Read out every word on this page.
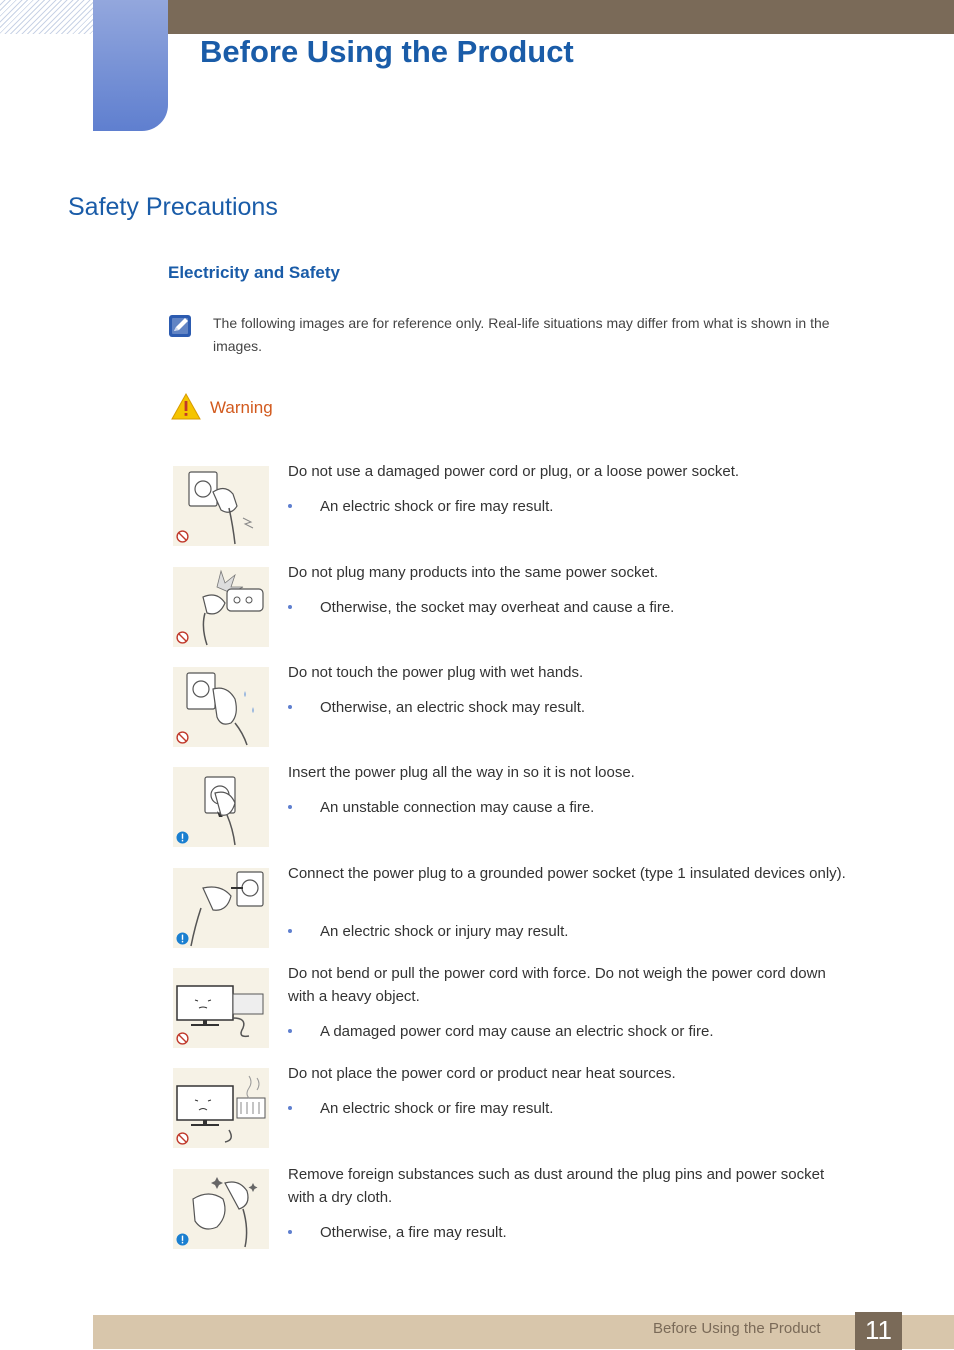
Before Using the Product
Safety Precautions
Electricity and Safety

The following images are for reference only. Real-life situations may differ from what is shown in the images.

Warning

Do not use a damaged power cord or plug, or a loose power socket.

An electric shock or fire may result.

Do not plug many products into the same power socket.

Otherwise, the socket may overheat and cause a fire.

Do not touch the power plug with wet hands.

Otherwise, an electric shock may result.

Insert the power plug all the way in so it is not loose.

An unstable connection may cause a fire.

Connect the power plug to a grounded power socket (type 1 insulated devices only).

An electric shock or injury may result.

Do not bend or pull the power cord with force. Do not weigh the power cord down with a heavy object.

A damaged power cord may cause an electric shock or fire.

Do not place the power cord or product near heat sources.

An electric shock or fire may result.

Remove foreign substances such as dust around the plug pins and power socket with a dry cloth.

Otherwise, a fire may result.
Before Using the Product	11
